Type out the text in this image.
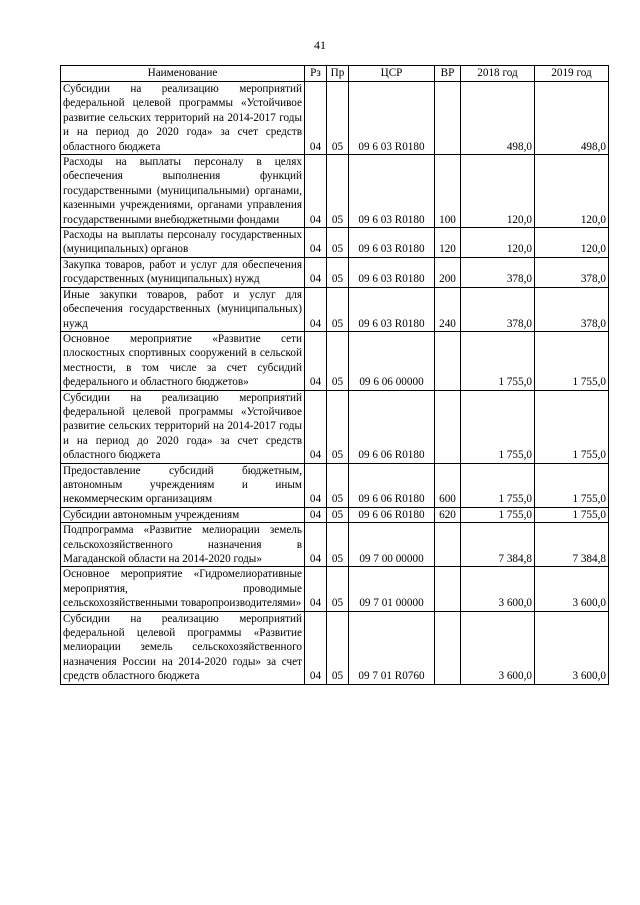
41
Наименование	Рз	Пр	ЦСР	ВР	2018 год	2019 год
Субсидии на реализацию мероприятий федеральной целевой программы «Устойчивое развитие сельских территорий на 2014-2017 годы и на период до 2020 года» за счет средств областного бюджета	04	05	09 6 03 R0180		498,0	498,0
Расходы на выплаты персоналу в целях обеспечения выполнения функций государственными (муниципальными) органами, казенными учреждениями, органами управления государственными внебюджетными фондами	04	05	09 6 03 R0180	100	120,0	120,0
Расходы на выплаты персоналу государственных (муниципальных) органов	04	05	09 6 03 R0180	120	120,0	120,0
Закупка товаров, работ и услуг для обеспечения государственных (муниципальных) нужд	04	05	09 6 03 R0180	200	378,0	378,0
Иные закупки товаров, работ и услуг для обеспечения государственных (муниципальных) нужд	04	05	09 6 03 R0180	240	378,0	378,0
Основное мероприятие «Развитие сети плоскостных спортивных сооружений в сельской местности, в том числе за счет субсидий федерального и областного бюджетов»	04	05	09 6 06 00000		1 755,0	1 755,0
Субсидии на реализацию мероприятий федеральной целевой программы «Устойчивое развитие сельских территорий на 2014-2017 годы и на период до 2020 года» за счет средств областного бюджета	04	05	09 6 06 R0180		1 755,0	1 755,0
Предоставление субсидий бюджетным, автономным учреждениям и иным некоммерческим организациям	04	05	09 6 06 R0180	600	1 755,0	1 755,0
Субсидии автономным учреждениям	04	05	09 6 06 R0180	620	1 755,0	1 755,0
Подпрограмма «Развитие мелиорации земель сельскохозяйственного назначения в Магаданской области на 2014-2020 годы»	04	05	09 7 00 00000		7 384,8	7 384,8
Основное мероприятие «Гидромелиоративные мероприятия, проводимые сельскохозяйственными товаропроизводителями»	04	05	09 7 01 00000		3 600,0	3 600,0
Субсидии на реализацию мероприятий федеральной целевой программы «Развитие мелиорации земель сельскохозяйственного назначения России на 2014-2020 годы» за счет средств областного бюджета	04	05	09 7 01 R0760		3 600,0	3 600,0
